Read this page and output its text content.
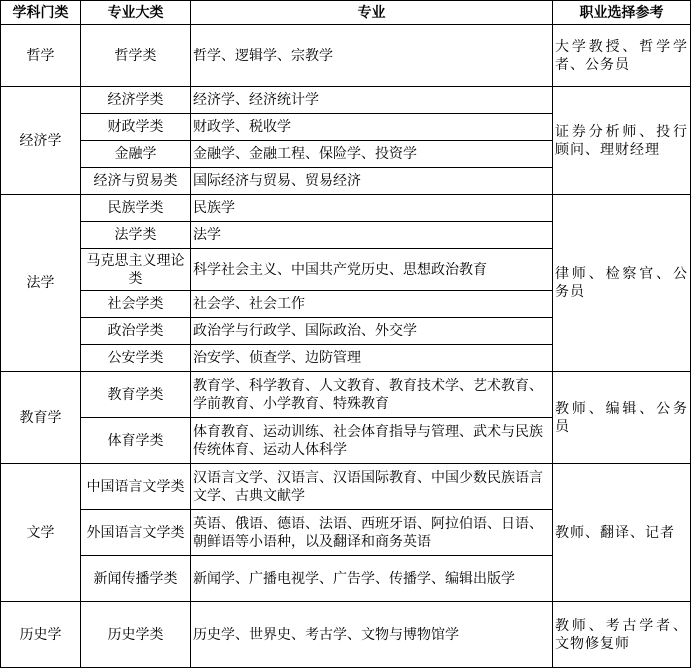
学科门类	专业大类	专业	职业选择参考
哲学	哲学类	哲学、逻辑学、宗教学	大学教授、哲学学者、公务员
经济学	经济学类	经济学、经济统计学	证券分析师、投行顾问、理财经理
	财政学类	财政学、税收学	
	金融学	金融学、金融工程、保险学、投资学	
	经济与贸易类	国际经济与贸易、贸易经济	
法学	民族学类	民族学	律师、检察官、公务员
	法学类	法学	
	马克思主义理论类	科学社会主义、中国共产党历史、思想政治教育	
	社会学类	社会学、社会工作	
	政治学类	政治学与行政学、国际政治、外交学	
	公安学类	治安学、侦查学、边防管理	
教育学	教育学类	教育学、科学教育、人文教育、教育技术学、艺术教育、学前教育、小学教育、特殊教育	教师、编辑、公务员
	体育学类	体育教育、运动训练、社会体育指导与管理、武术与民族传统体育、运动人体科学	
文学	中国语言文学类	汉语言文学、汉语言、汉语国际教育、中国少数民族语言文学、古典文献学	教师、翻译、记者
	外国语言文学类	英语、俄语、德语、法语、西班牙语、阿拉伯语、日语、朝鲜语等小语种，以及翻译和商务英语	
	新闻传播学类	新闻学、广播电视学、广告学、传播学、编辑出版学	
历史学	历史学类	历史学、世界史、考古学、文物与博物馆学	教师、考古学者、文物修复师
